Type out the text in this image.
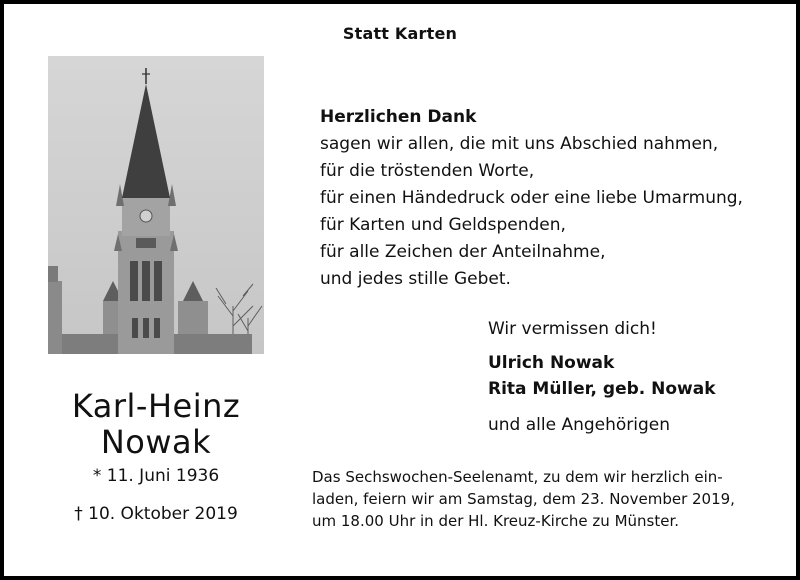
Statt Karten
Karl-Heinz
Nowak
* 11. Juni 1936
† 10. Oktober 2019
Herzlichen Dank
sagen wir allen, die mit uns Abschied nahmen,
für die tröstenden Worte,
für einen Händedruck oder eine liebe Umarmung,
für Karten und Geldspenden,
für alle Zeichen der Anteilnahme,
und jedes stille Gebet.
Wir vermissen dich!
Ulrich Nowak
Rita Müller, geb. Nowak
und alle Angehörigen
Das Sechswochen-Seelenamt, zu dem wir herzlich ein-
laden, feiern wir am Samstag, dem 23. November 2019,
um 18.00 Uhr in der Hl. Kreuz-Kirche zu Münster.
